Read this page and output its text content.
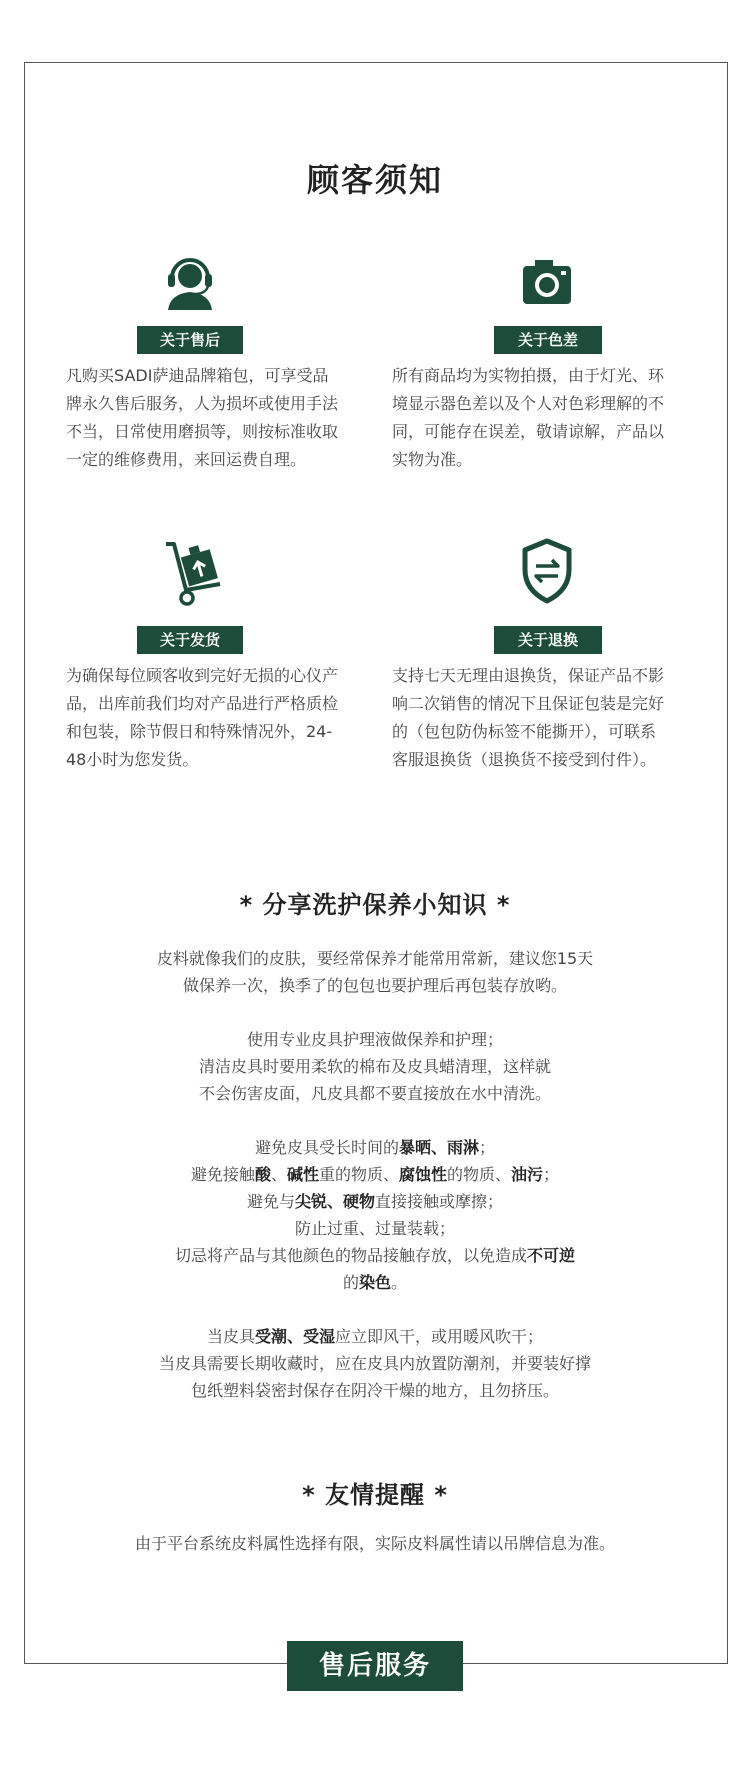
顾客须知
关于售后
凡购买SADI萨迪品牌箱包，可享受品
牌永久售后服务，人为损坏或使用手法
不当，日常使用磨损等，则按标准收取
一定的维修费用，来回运费自理。
关于色差
所有商品均为实物拍摄，由于灯光、环
境显示器色差以及个人对色彩理解的不
同，可能存在误差，敬请谅解，产品以
实物为准。
关于发货
为确保每位顾客收到完好无损的心仪产
品，出库前我们均对产品进行严格质检
和包装，除节假日和特殊情况外，24-
48小时为您发货。
关于退换
支持七天无理由退换货，保证产品不影
响二次销售的情况下且保证包装是完好
的（包包防伪标签不能撕开），可联系
客服退换货（退换货不接受到付件）。
* 分享洗护保养小知识 *

皮料就像我们的皮肤，要经常保养才能常用常新，建议您15天

做保养一次，换季了的包包也要护理后再包装存放哟。

使用专业皮具护理液做保养和护理；

清洁皮具时要用柔软的棉布及皮具蜡清理，这样就

不会伤害皮面，凡皮具都不要直接放在水中清洗。

避免皮具受长时间的暴晒、雨淋；

避免接触酸、碱性重的物质、腐蚀性的物质、油污；

避免与尖锐、硬物直接接触或摩擦；

防止过重、过量装载；

切忌将产品与其他颜色的物品接触存放，以免造成不可逆

的染色。

当皮具受潮、受湿应立即风干，或用暖风吹干；

当皮具需要长期收藏时，应在皮具内放置防潮剂，并要装好撑

包纸塑料袋密封保存在阴冷干燥的地方，且勿挤压。

* 友情提醒 *
由于平台系统皮料属性选择有限，实际皮料属性请以吊牌信息为准。
售后服务
